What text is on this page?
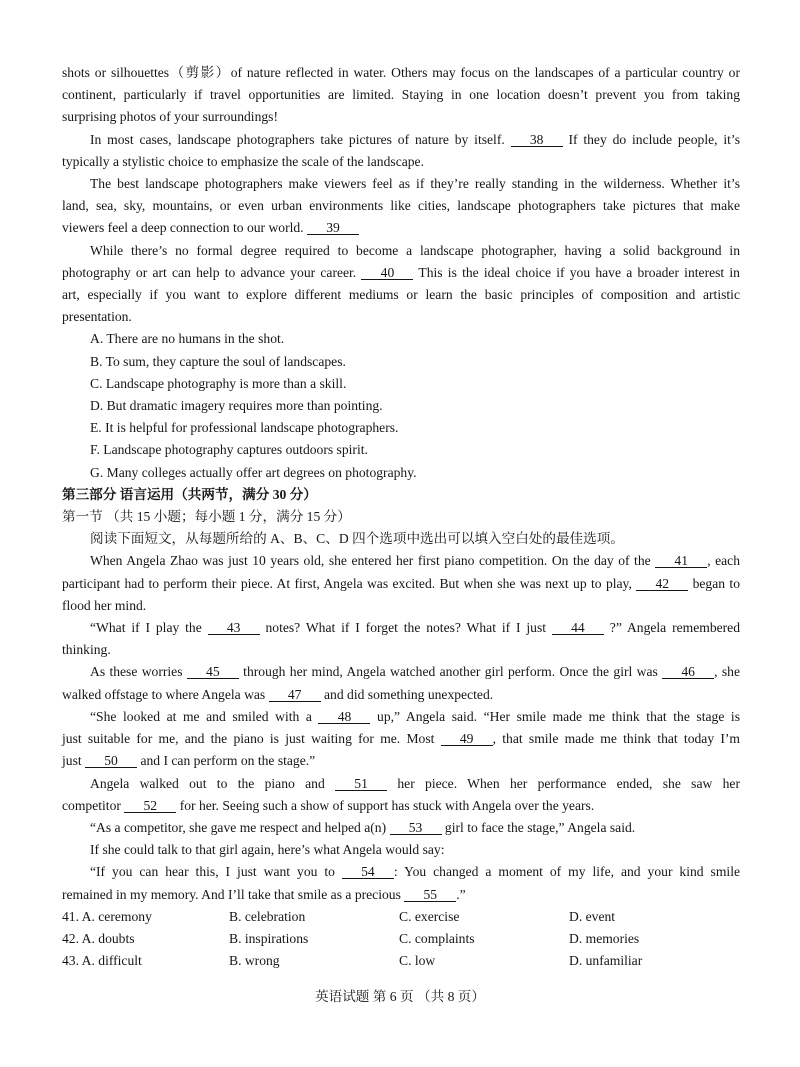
shots or silhouettes（剪影）of nature reflected in water. Others may focus on the landscapes of a particular country or
continent, particularly if travel opportunities are limited. Staying in one location doesn’t prevent you from taking
surprising photos of your surroundings!
In most cases, landscape photographers take pictures of nature by itself. 38 If they do include people, it’s
typically a stylistic choice to emphasize the scale of the landscape.
The best landscape photographers make viewers feel as if they’re really standing in the wilderness. Whether it’s
land, sea, sky, mountains, or even urban environments like cities, landscape photographers take pictures that make
viewers feel a deep connection to our world. 39
While there’s no formal degree required to become a landscape photographer, having a solid background in
photography or art can help to advance your career. 40 This is the ideal choice if you have a broader interest in
art, especially if you want to explore different mediums or learn the basic principles of composition and artistic
presentation.
A. There are no humans in the shot.
B. To sum, they capture the soul of landscapes.
C. Landscape photography is more than a skill.
D. But dramatic imagery requires more than pointing.
E. It is helpful for professional landscape photographers.
F. Landscape photography captures outdoors spirit.
G. Many colleges actually offer art degrees on photography.
第三部分 语言运用（共两节，满分 30 分）
第一节 （共 15 小题；每小题 1 分，满分 15 分）
阅读下面短文，从每题所给的 A、B、C、D 四个选项中选出可以填入空白处的最佳选项。
When Angela Zhao was just 10 years old, she entered her first piano competition. On the day of the 41 , each
participant had to perform their piece. At first, Angela was excited. But when she was next up to play, 42 began to
flood her mind.
“What if I play the 43 notes? What if I forget the notes? What if I just 44 ?” Angela remembered
thinking.
As these worries 45 through her mind, Angela watched another girl perform. Once the girl was 46 , she
walked offstage to where Angela was 47 and did something unexpected.
“She looked at me and smiled with a 48 up,” Angela said. “Her smile made me think that the stage is
just suitable for me, and the piano is just waiting for me. Most 49 , that smile made me think that today I’m
just 50 and I can perform on the stage.”
Angela walked out to the piano and 51 her piece. When her performance ended, she saw her
competitor 52 for her. Seeing such a show of support has stuck with Angela over the years.
“As a competitor, she gave me respect and helped a(n) 53 girl to face the stage,” Angela said.
If she could talk to that girl again, here’s what Angela would say:
“If you can hear this, I just want you to 54 : You changed a moment of my life, and your kind smile
remained in my memory. And I’ll take that smile as a precious 55 .”
41. A. ceremony	B. celebration	C. exercise	D. event
42. A. doubts	B. inspirations	C. complaints	D. memories
43. A. difficult	B. wrong	C. low	D. unfamiliar
英语试题 第 6 页 （共 8 页）
